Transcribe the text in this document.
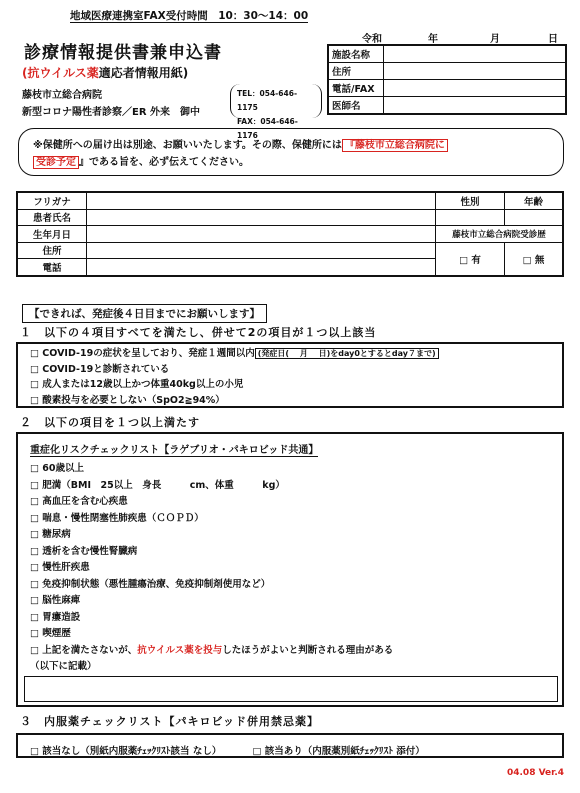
地域医療連携室FAX受付時間　10：30～14：00
令和	年	月	日
診療情報提供書兼申込書
(抗ウイルス薬適応者情報用紙)
藤枝市立総合病院
新型コロナ陽性者診察／ER 外来　御中
TEL：054-646-1175
FAX：054-646-1176
施設名称	
住所	
電話/FAX	
医師名	
※保健所への届け出は別途、お願いいたします。その際、保健所には 『藤枝市立総合病院に
受診予定 』である旨を、必ず伝えてください。
フリガナ		性別	年齢
患者氏名			
生年月日		藤枝市立総合病院受診歴	
住所		□ 有	□ 無
電話			
【できれば、発症後４日目までにお願いします】
１　以下の４項目すべてを満たし、併せて2の項目が１つ以上該当
□ COVID-19の症状を呈しており、発症１週間以内 (発症日(　 月　 日)をday0とするとday７まで)
□ COVID-19と診断されている
□ 成人または12歳以上かつ体重40kg以上の小児
□ 酸素投与を必要としない（SpO2≧94%）
２　以下の項目を１つ以上満たす
重症化リスクチェックリスト【ラゲブリオ・パキロビッド共通】
□ 60歳以上
□ 肥満（BMI　25以上　身長　　　cm、体重　　　kg）
□ 高血圧を含む心疾患
□ 喘息・慢性閉塞性肺疾患（ＣＯＰＤ）
□ 糖尿病
□ 透析を含む慢性腎臓病
□ 慢性肝疾患
□ 免疫抑制状態（悪性腫瘍治療、免疫抑制剤使用など）
□ 脳性麻痺
□ 胃瘻造設
□ 喫煙歴
□ 上記を満たさないが、抗ウイルス薬を投与したほうがよいと判断される理由がある
（以下に記載）
３　内服薬チェックリスト【パキロビッド併用禁忌薬】
□ 該当なし（別紙内服薬ﾁｪｯｸﾘｽﾄ該当 なし）	□ 該当あり（内服薬別紙ﾁｪｯｸﾘｽﾄ 添付）
04.08 Ver.4
